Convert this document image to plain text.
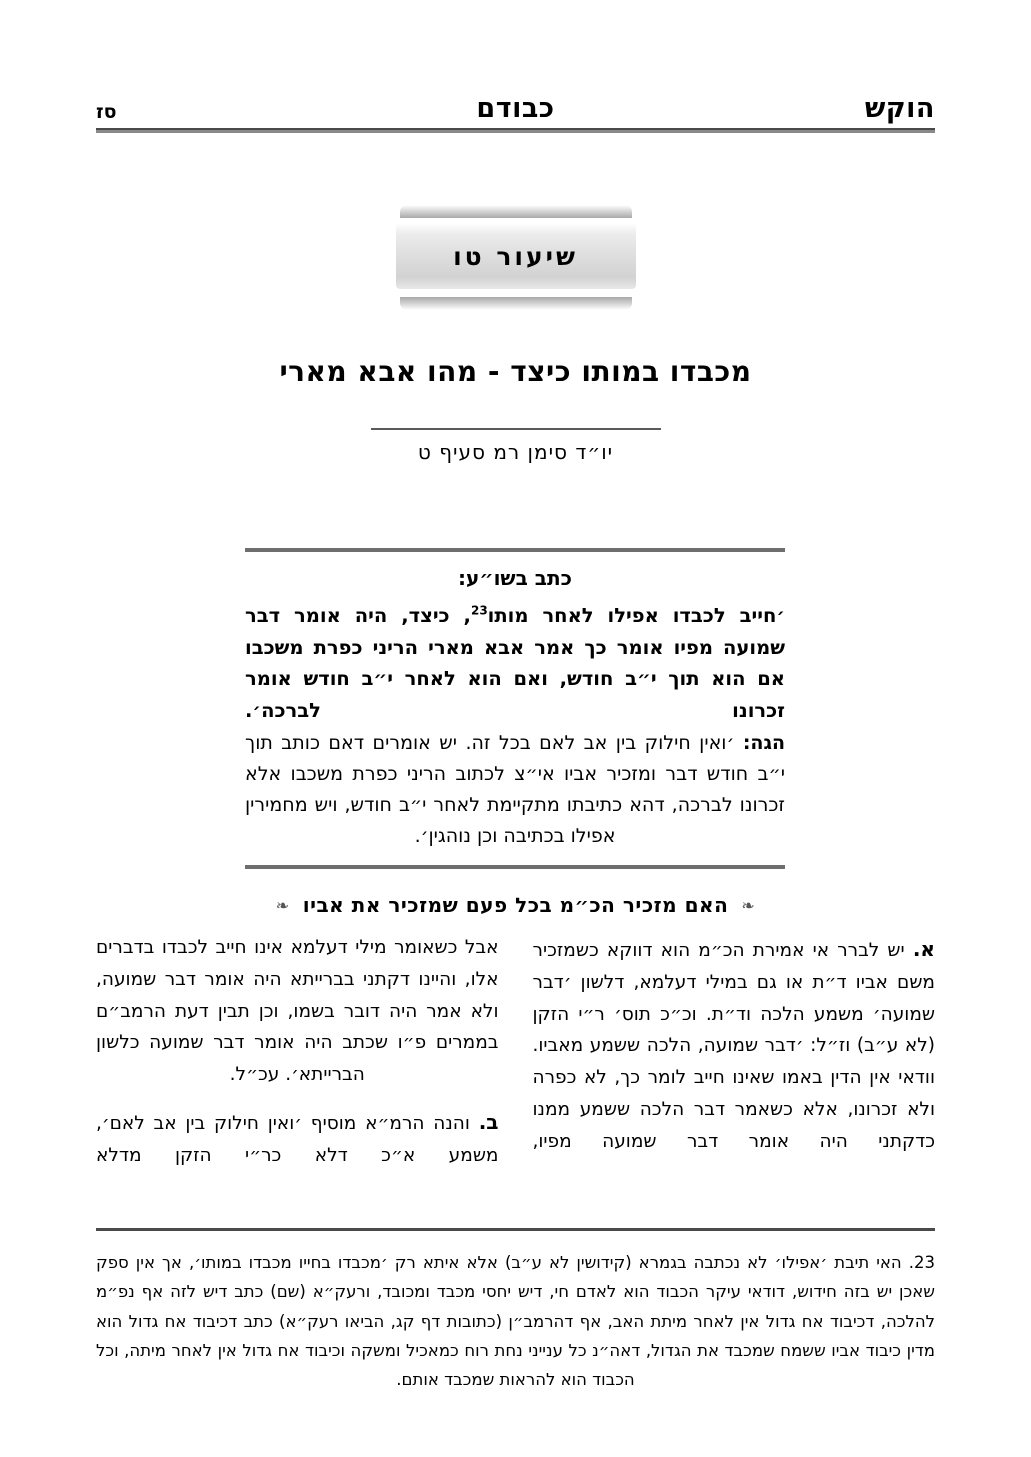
הוקש
כבודם
סז
שיעור טו
מכבדו במותו כיצד - מהו אבא מארי
יו״ד סימן רמ סעיף ט
כתב בשו״ע:
׳חייב לכבדו אפילו לאחר מותו$^{23}$, כיצד, היה אומר דבר שמועה מפיו אומר כך אמר אבא מארי הריני כפרת משכבו אם הוא תוך י״ב חודש, ואם הוא לאחר י״ב חודש אומר זכרונו לברכה׳.
הגה: ׳ואין חילוק בין אב לאם בכל זה. יש אומרים דאם כותב תוך י״ב חודש דבר ומזכיר אביו אי״צ לכתוב הריני כפרת משכבו אלא זכרונו לברכה, דהא כתיבתו מתקיימת לאחר י״ב חודש, ויש מחמירין אפילו בכתיבה וכן נוהגין׳.
❧
האם מזכיר הכ״מ בכל פעם שמזכיר את אביו
❧

א. יש לברר אי אמירת הכ״מ הוא דווקא כשמזכיר משם אביו ד״ת או גם במילי דעלמא, דלשון ׳דבר שמועה׳ משמע הלכה וד״ת. וכ״כ תוס׳ ר״י הזקן (לא ע״ב) וז״ל: ׳דבר שמועה, הלכה ששמע מאביו. וודאי אין הדין באמו שאינו חייב לומר כך, לא כפרה ולא זכרונו, אלא כשאמר דבר הלכה ששמע ממנו כדקתני היה אומר דבר שמועה מפיו,

אבל כשאומר מילי דעלמא אינו חייב לכבדו בדברים אלו, והיינו דקתני בברייתא היה אומר דבר שמועה, ולא אמר היה דובר בשמו, וכן תבין דעת הרמב״ם בממרים פ״ו שכתב היה אומר דבר שמועה כלשון הברייתא׳. עכ״ל.

ב. והנה הרמ״א מוסיף ׳ואין חילוק בין אב לאם׳, משמע א״כ דלא כר״י הזקן מדלא

23. האי תיבת ׳אפילו׳ לא נכתבה בגמרא (קידושין לא ע״ב) אלא איתא רק ׳מכבדו בחייו מכבדו במותו׳, אך אין ספק שאכן יש בזה חידוש, דודאי עיקר הכבוד הוא לאדם חי, דיש יחסי מכבד ומכובד, ורעק״א (שם) כתב דיש לזה אף נפ״מ להלכה, דכיבוד אח גדול אין לאחר מיתת האב, אף דהרמב״ן (כתובות דף קג, הביאו רעק״א) כתב דכיבוד אח גדול הוא מדין כיבוד אביו ששמח שמכבד את הגדול, דאה״נ כל ענייני נחת רוח כמאכיל ומשקה וכיבוד אח גדול אין לאחר מיתה, וכל הכבוד הוא להראות שמכבד אותם.
